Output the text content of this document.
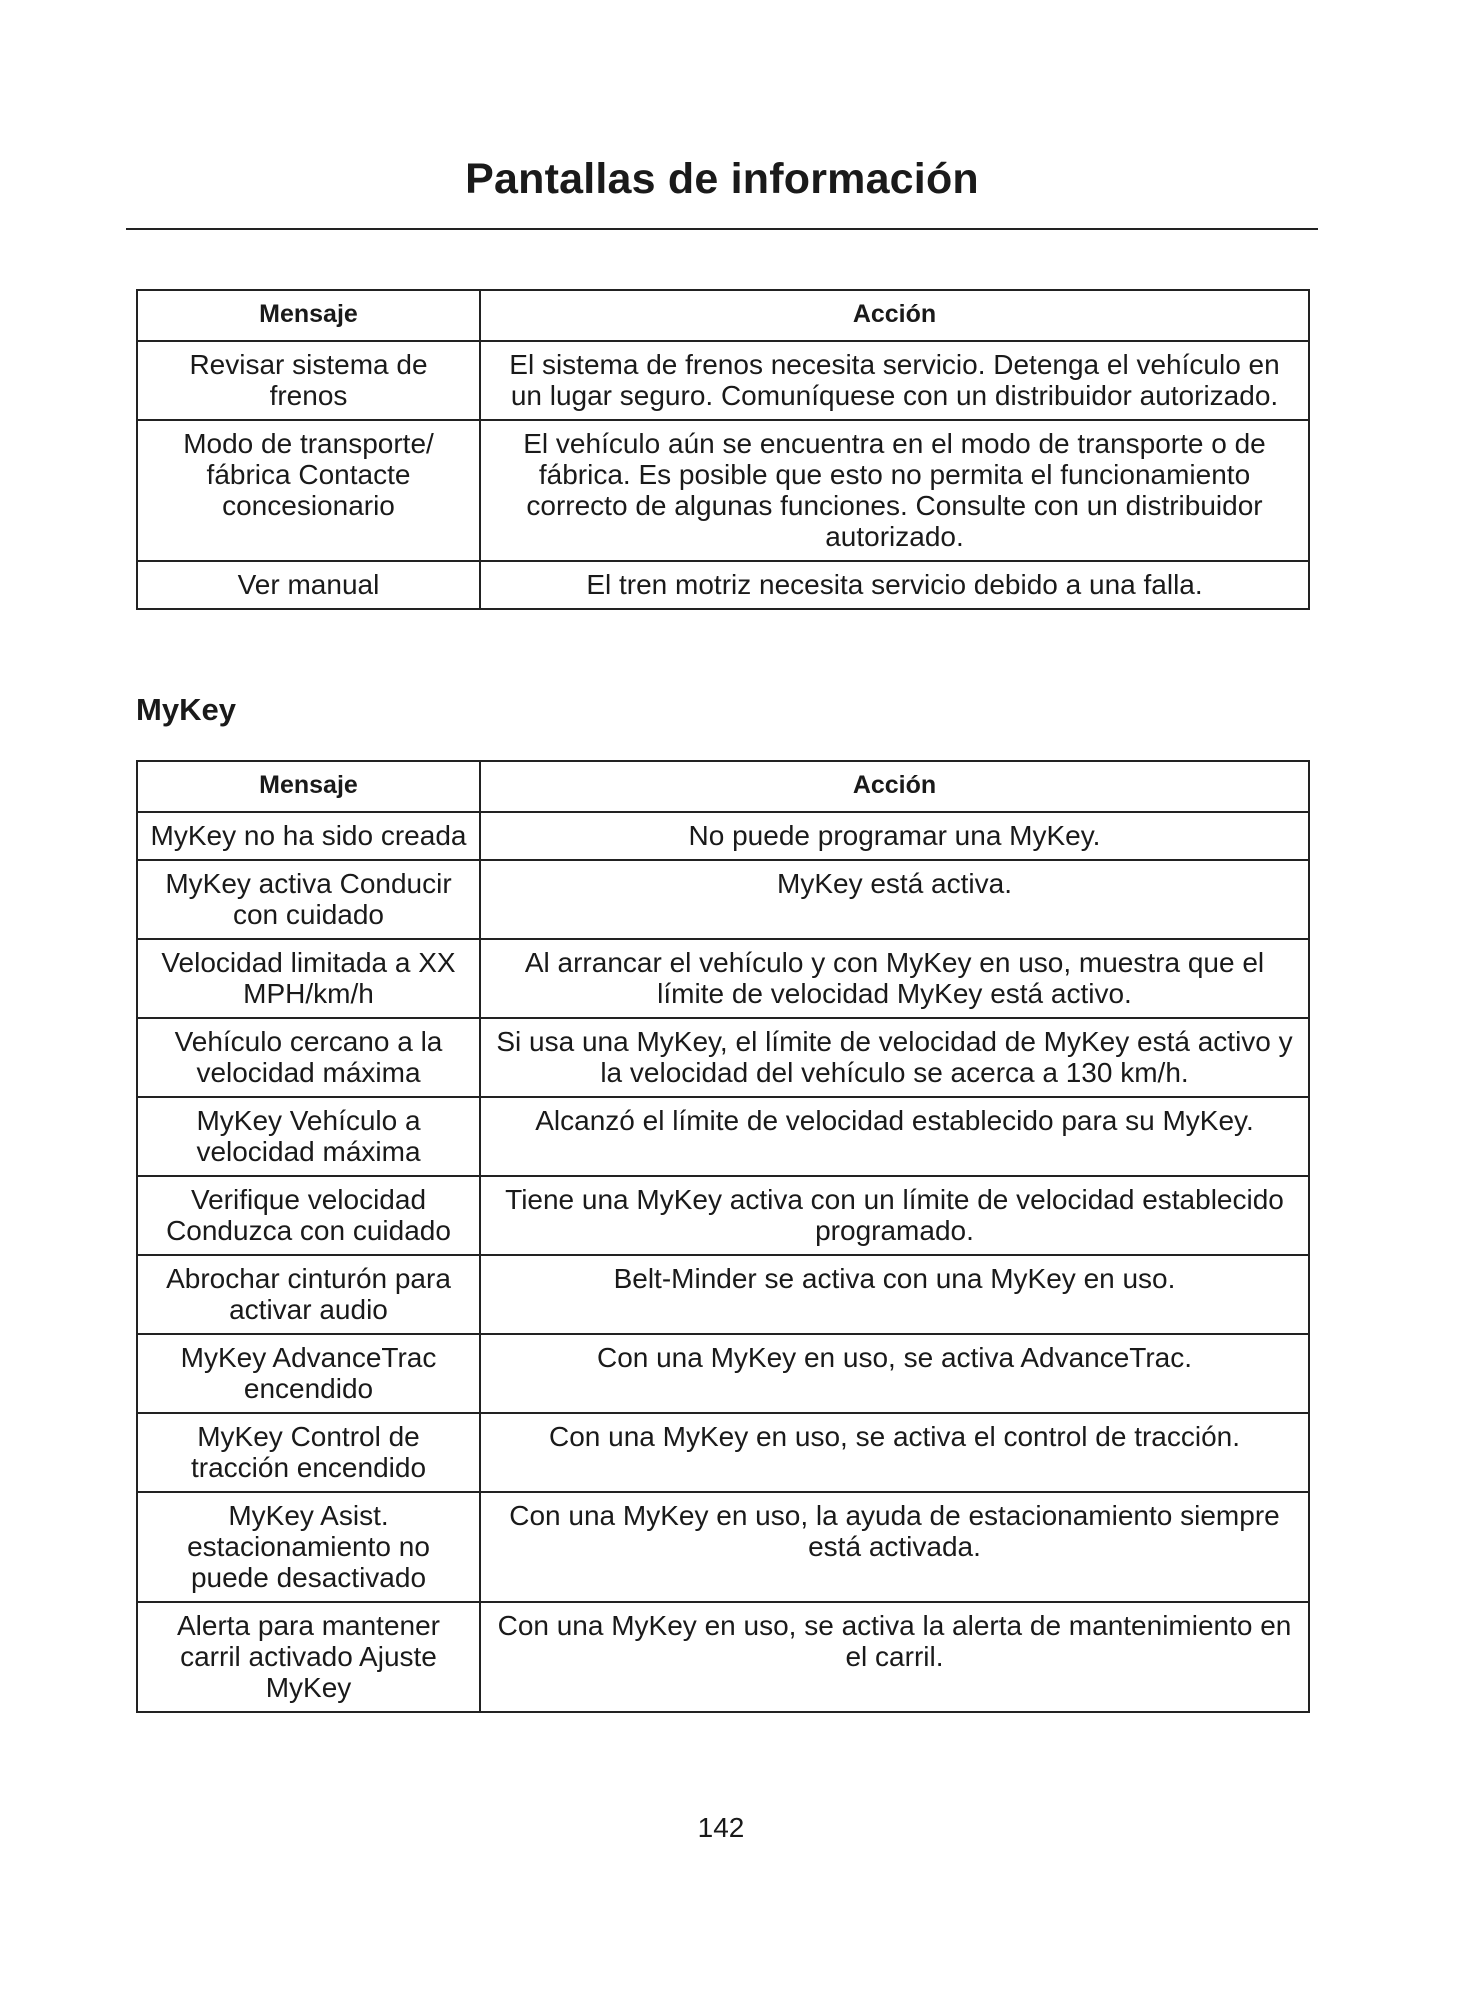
Pantallas de información
Mensaje	Acción
Revisar sistema de frenos	El sistema de frenos necesita servicio. Detenga el vehículo en un lugar seguro. Comuníquese con un distribuidor autorizado.
Modo de transporte/ fábrica Contacte concesionario	El vehículo aún se encuentra en el modo de transporte o de fábrica. Es posible que esto no permita el funcionamiento correcto de algunas funciones. Consulte con un distribuidor autorizado.
Ver manual	El tren motriz necesita servicio debido a una falla.
MyKey
Mensaje	Acción
MyKey no ha sido creada	No puede programar una MyKey.
MyKey activa Conducir con cuidado	MyKey está activa.
Velocidad limitada a XX MPH/km/h	Al arrancar el vehículo y con MyKey en uso, muestra que el límite de velocidad MyKey está activo.
Vehículo cercano a la velocidad máxima	Si usa una MyKey, el límite de velocidad de MyKey está activo y la velocidad del vehículo se acerca a 130 km/h.
MyKey Vehículo a velocidad máxima	Alcanzó el límite de velocidad establecido para su MyKey.
Verifique velocidad Conduzca con cuidado	Tiene una MyKey activa con un límite de velocidad establecido programado.
Abrochar cinturón para activar audio	Belt-Minder se activa con una MyKey en uso.
MyKey AdvanceTrac encendido	Con una MyKey en uso, se activa AdvanceTrac.
MyKey Control de tracción encendido	Con una MyKey en uso, se activa el control de tracción.
MyKey Asist. estacionamiento no puede desactivado	Con una MyKey en uso, la ayuda de estacionamiento siempre está activada.
Alerta para mantener carril activado Ajuste MyKey	Con una MyKey en uso, se activa la alerta de mantenimiento en el carril.
142
